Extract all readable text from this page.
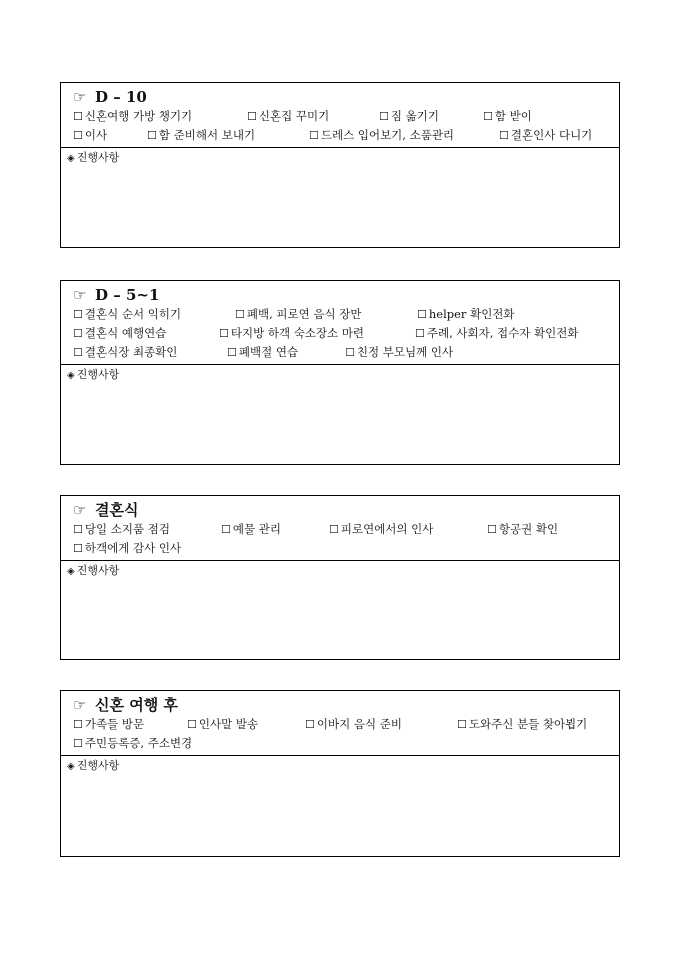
☞ D – 10
☐ 신혼여행 가방 챙기기	☐ 신혼집 꾸미기	☐ 짐 옮기기	☐ 함 받이
☐ 이사	☐ 함 준비해서 보내기	☐ 드레스 입어보기, 소품관리	☐ 결혼인사 다니기
◈ 진행사항
☞ D – 5~1
☐ 결혼식 순서 익히기	☐ 폐백, 피로연 음식 장만	☐ helper 확인전화
☐ 결혼식 예행연습	☐ 타지방 하객 숙소장소 마련	☐ 주례, 사회자, 접수자 확인전화
☐ 결혼식장 최종확인	☐ 폐백절 연습	☐ 친정 부모님께 인사
◈ 진행사항
☞ 결혼식
☐ 당일 소지품 점검	☐ 예물 관리	☐ 피로연에서의 인사	☐ 항공권 확인
☐ 하객에게 감사 인사
◈ 진행사항
☞ 신혼 여행 후
☐ 가족들 방문	☐ 인사말 발송	☐ 이바지 음식 준비	☐ 도와주신 분들 찾아뵙기
☐ 주민등록증, 주소변경
◈ 진행사항
